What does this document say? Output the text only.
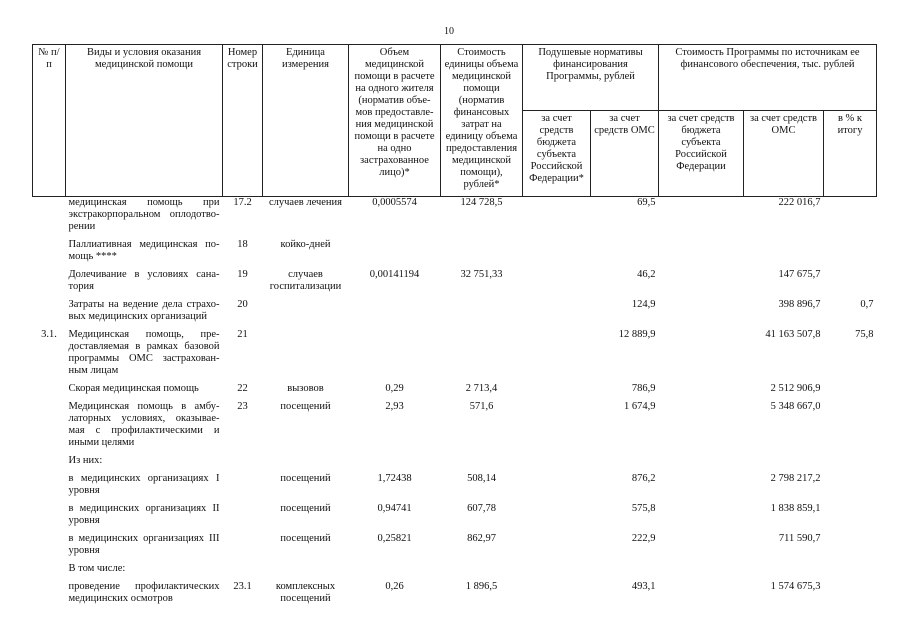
10
№ п/п	Виды и условия оказания медицинской помощи	Номер строки	Единица измерения	Объем медицинской помощи в расчете на одного жителя (норматив объе-мов предоставле-ния медицинской помощи в расчете на одно застрахованное лицо)*	Стоимость единицы объема медицинской помощи (норматив финансовых затрат на единицу объема предоставления медицинской помощи), рублей*	Подушевые нормативы финансирования Программы, рублей		Стоимость Программы по источникам ее финансового обеспечения, тыс. рублей		
						за счет средств бюджета субъекта Российской Федерации*	за счет средств ОМС	за счет средств бюджета субъекта Российской Федерации	за счет средств ОМС	в % к итогу
	медицинская помощь при экстракорпоральном оплодотво-рении	17.2	случаев лечения	0,0005574	124 728,5		69,5		222 016,7	
	Паллиативная медицинская по-мощь ****	18	койко-дней							
	Долечивание в условиях сана-тория	19	случаев госпитализации	0,00141194	32 751,33		46,2		147 675,7	
	Затраты на ведение дела страхо-вых медицинских организаций	20					124,9		398 896,7	0,7
3.1.	Медицинская помощь, пре-доставляемая в рамках базовой программы ОМС застрахован-ным лицам	21					12 889,9		41 163 507,8	75,8
	Скорая медицинская помощь	22	вызовов	0,29	2 713,4		786,9		2 512 906,9	
	Медицинская помощь в амбу-латорных условиях, оказывае-мая с профилактическими и иными целями	23	посещений	2,93	571,6		1 674,9		5 348 667,0	
	Из них:									
	в медицинских организациях I уровня		посещений	1,72438	508,14		876,2		2 798 217,2	
	в медицинских организациях II уровня		посещений	0,94741	607,78		575,8		1 838 859,1	
	в медицинских организациях III уровня		посещений	0,25821	862,97		222,9		711 590,7	
	В том числе:									
	проведение профилактических медицинских осмотров	23.1	комплексных посещений	0,26	1 896,5		493,1		1 574 675,3	
